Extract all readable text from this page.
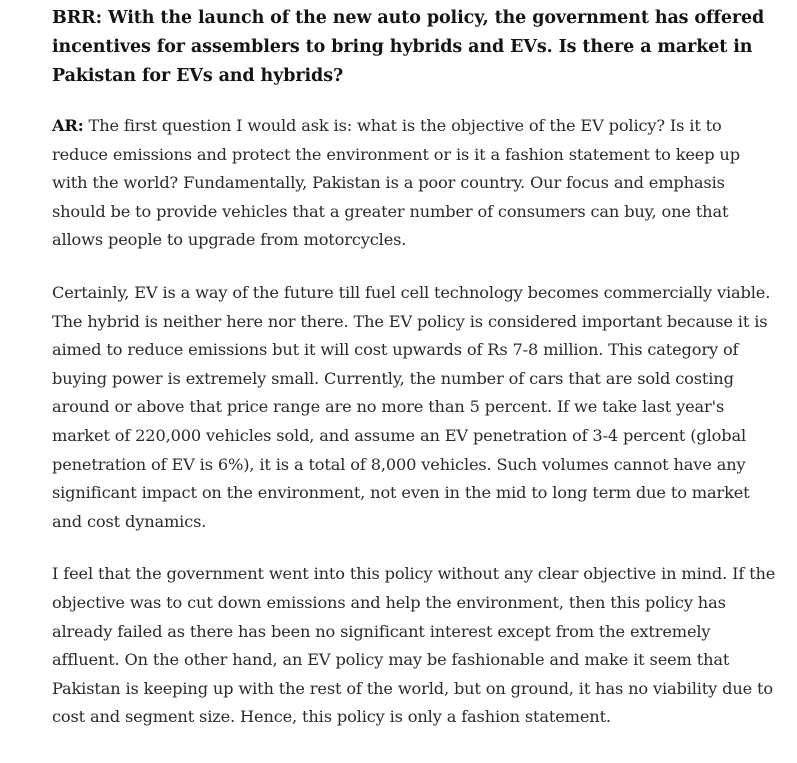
BRR: With the launch of the new auto policy, the government has offered incentives for assemblers to bring hybrids and EVs. Is there a market in Pakistan for EVs and hybrids?

AR: The first question I would ask is: what is the objective of the EV policy? Is it to reduce emissions and protect the environment or is it a fashion statement to keep up with the world? Fundamentally, Pakistan is a poor country. Our focus and emphasis should be to provide vehicles that a greater number of consumers can buy, one that allows people to upgrade from motorcycles.

Certainly, EV is a way of the future till fuel cell technology becomes commercially viable. The hybrid is neither here nor there. The EV policy is considered important because it is aimed to reduce emissions but it will cost upwards of Rs 7-8 million. This category of buying power is extremely small. Currently, the number of cars that are sold costing around or above that price range are no more than 5 percent. If we take last year's market of 220,000 vehicles sold, and assume an EV penetration of 3-4 percent (global penetration of EV is 6%), it is a total of 8,000 vehicles. Such volumes cannot have any significant impact on the environment, not even in the mid to long term due to market and cost dynamics.

I feel that the government went into this policy without any clear objective in mind. If the objective was to cut down emissions and help the environment, then this policy has already failed as there has been no significant interest except from the extremely affluent. On the other hand, an EV policy may be fashionable and make it seem that Pakistan is keeping up with the rest of the world, but on ground, it has no viability due to cost and segment size. Hence, this policy is only a fashion statement.
